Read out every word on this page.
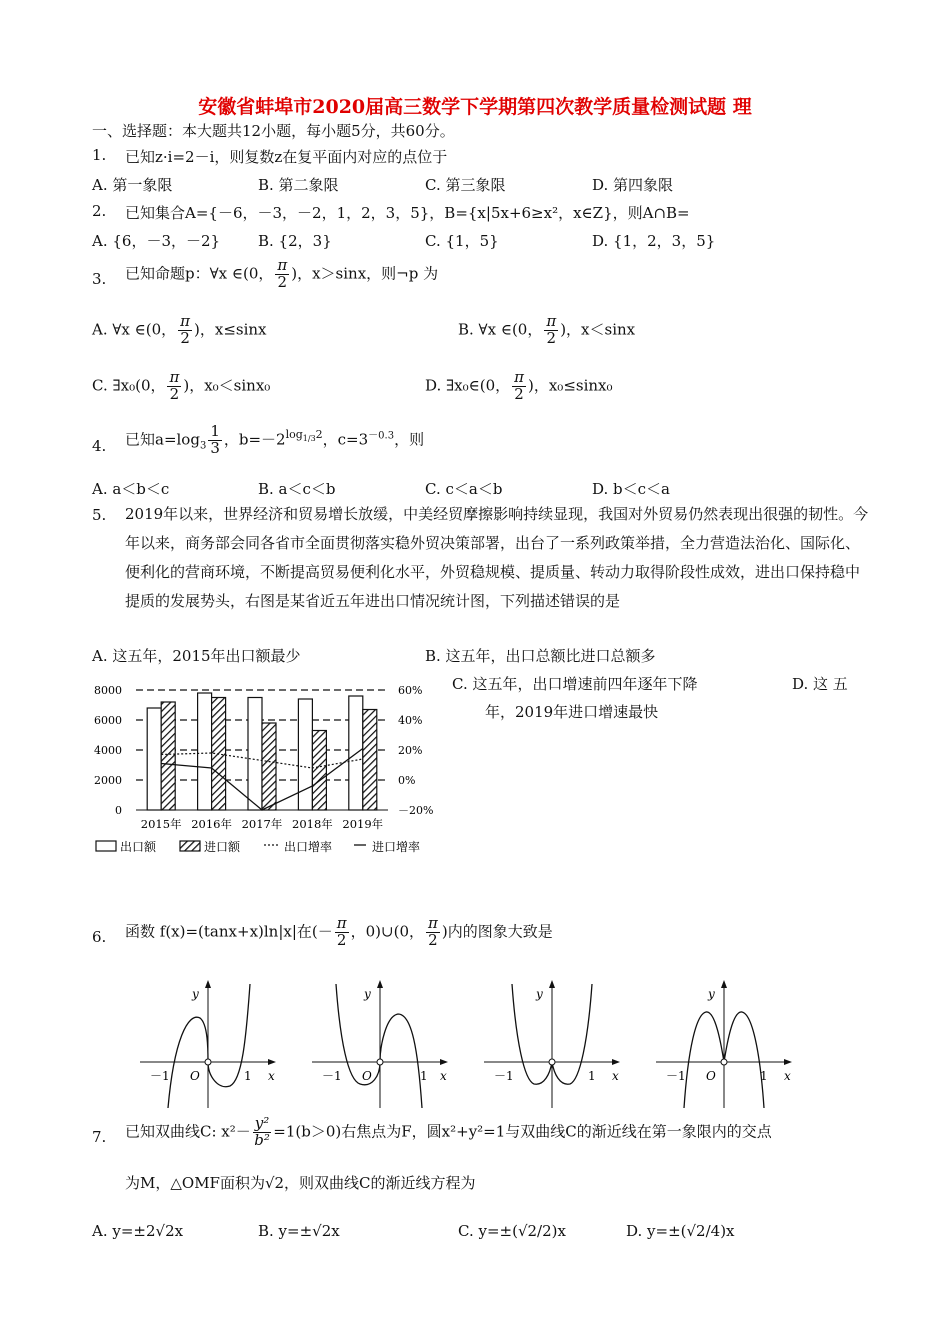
安徽省蚌埠市2020届高三数学下学期第四次教学质量检测试题 理
一、选择题：本大题共12小题，每小题5分，共60分。
1. 已知z·i=2－i，则复数z在复平面内对应的点位于
A. 第一象限	B. 第二象限	C. 第三象限	D. 第四象限
2. 已知集合A={－6，－3，－2，1，2，3，5}，B={x|5x+6≥x²，x∈Z}，则A∩B=
A. {6，－3，－2}	B. {2，3}	C. {1，5}	D. {1，2，3，5}
3. 已知命题p：∀x ∈(0， $\frac{\pi}{2}$ )，x＞sinx，则¬p 为
A. ∀x ∈(0， $\frac{\pi}{2}$ )，x≤sinx	B. ∀x ∈(0， $\frac{\pi}{2}$ )，x＜sinx
C. ∃x₀(0， $\frac{\pi}{2}$ )，x₀＜sinx₀	D. ∃x₀∈(0， $\frac{\pi}{2}$ )，x₀≤sinx₀
4. 已知$a=\log_3 \frac{1}{3}$ ，$b=-2^{log_{1/3}2}$，$c=3^{-0.3}$，则
A. a＜b＜c	B. a＜c＜b	C. c＜a＜b	D. b＜c＜a
5. 2019年以来，世界经济和贸易增长放缓，中美经贸摩擦影响持续显现，我国对外贸易仍然表现出很强的韧性。今年以来，商务部会同各省市全面贯彻落实稳外贸决策部署，出台了一系列政策举措，全力营造法治化、国际化、便利化的营商环境，不断提高贸易便利化水平，外贸稳规模、提质量、转动力取得阶段性成效，进出口保持稳中提质的发展势头，右图是某省近五年进出口情况统计图，下列描述错误的是
A. 这五年，2015年出口额最少	B. 这五年，出口总额比进口总额多
C. 这五年，出口增速前四年逐年下降	D. 这 五
年，2019年进口增速最快
8000
6000
4000
2000
0
60%
40%
20%
0%
－20%
2015年 2016年 2017年 2018年 2019年
出口额	进口额	出口增率	进口增率
6. 函数 f(x)=(tanx+x)ln|x|在(－ $\frac{\pi}{2}$ ，0)∪(0， $\frac{\pi}{2}$ )内的图象大致是
y
x
O
－1	1
y
x
O
－1	1
y
x
－1	1
y
x
O
－1	1
7. 已知双曲线C: $x^2- \frac{\text{y²}}{\text{b²}} =1(b>0)$右焦点为F，圆x²+y²=1与双曲线C的渐近线在第一象限内的交点
为M，△OMF面积为√2，则双曲线C的渐近线方程为
A. y=±2√2x	B. y=±√2x	C. y=±(√2/2)x	D. y=±(√2/4)x
